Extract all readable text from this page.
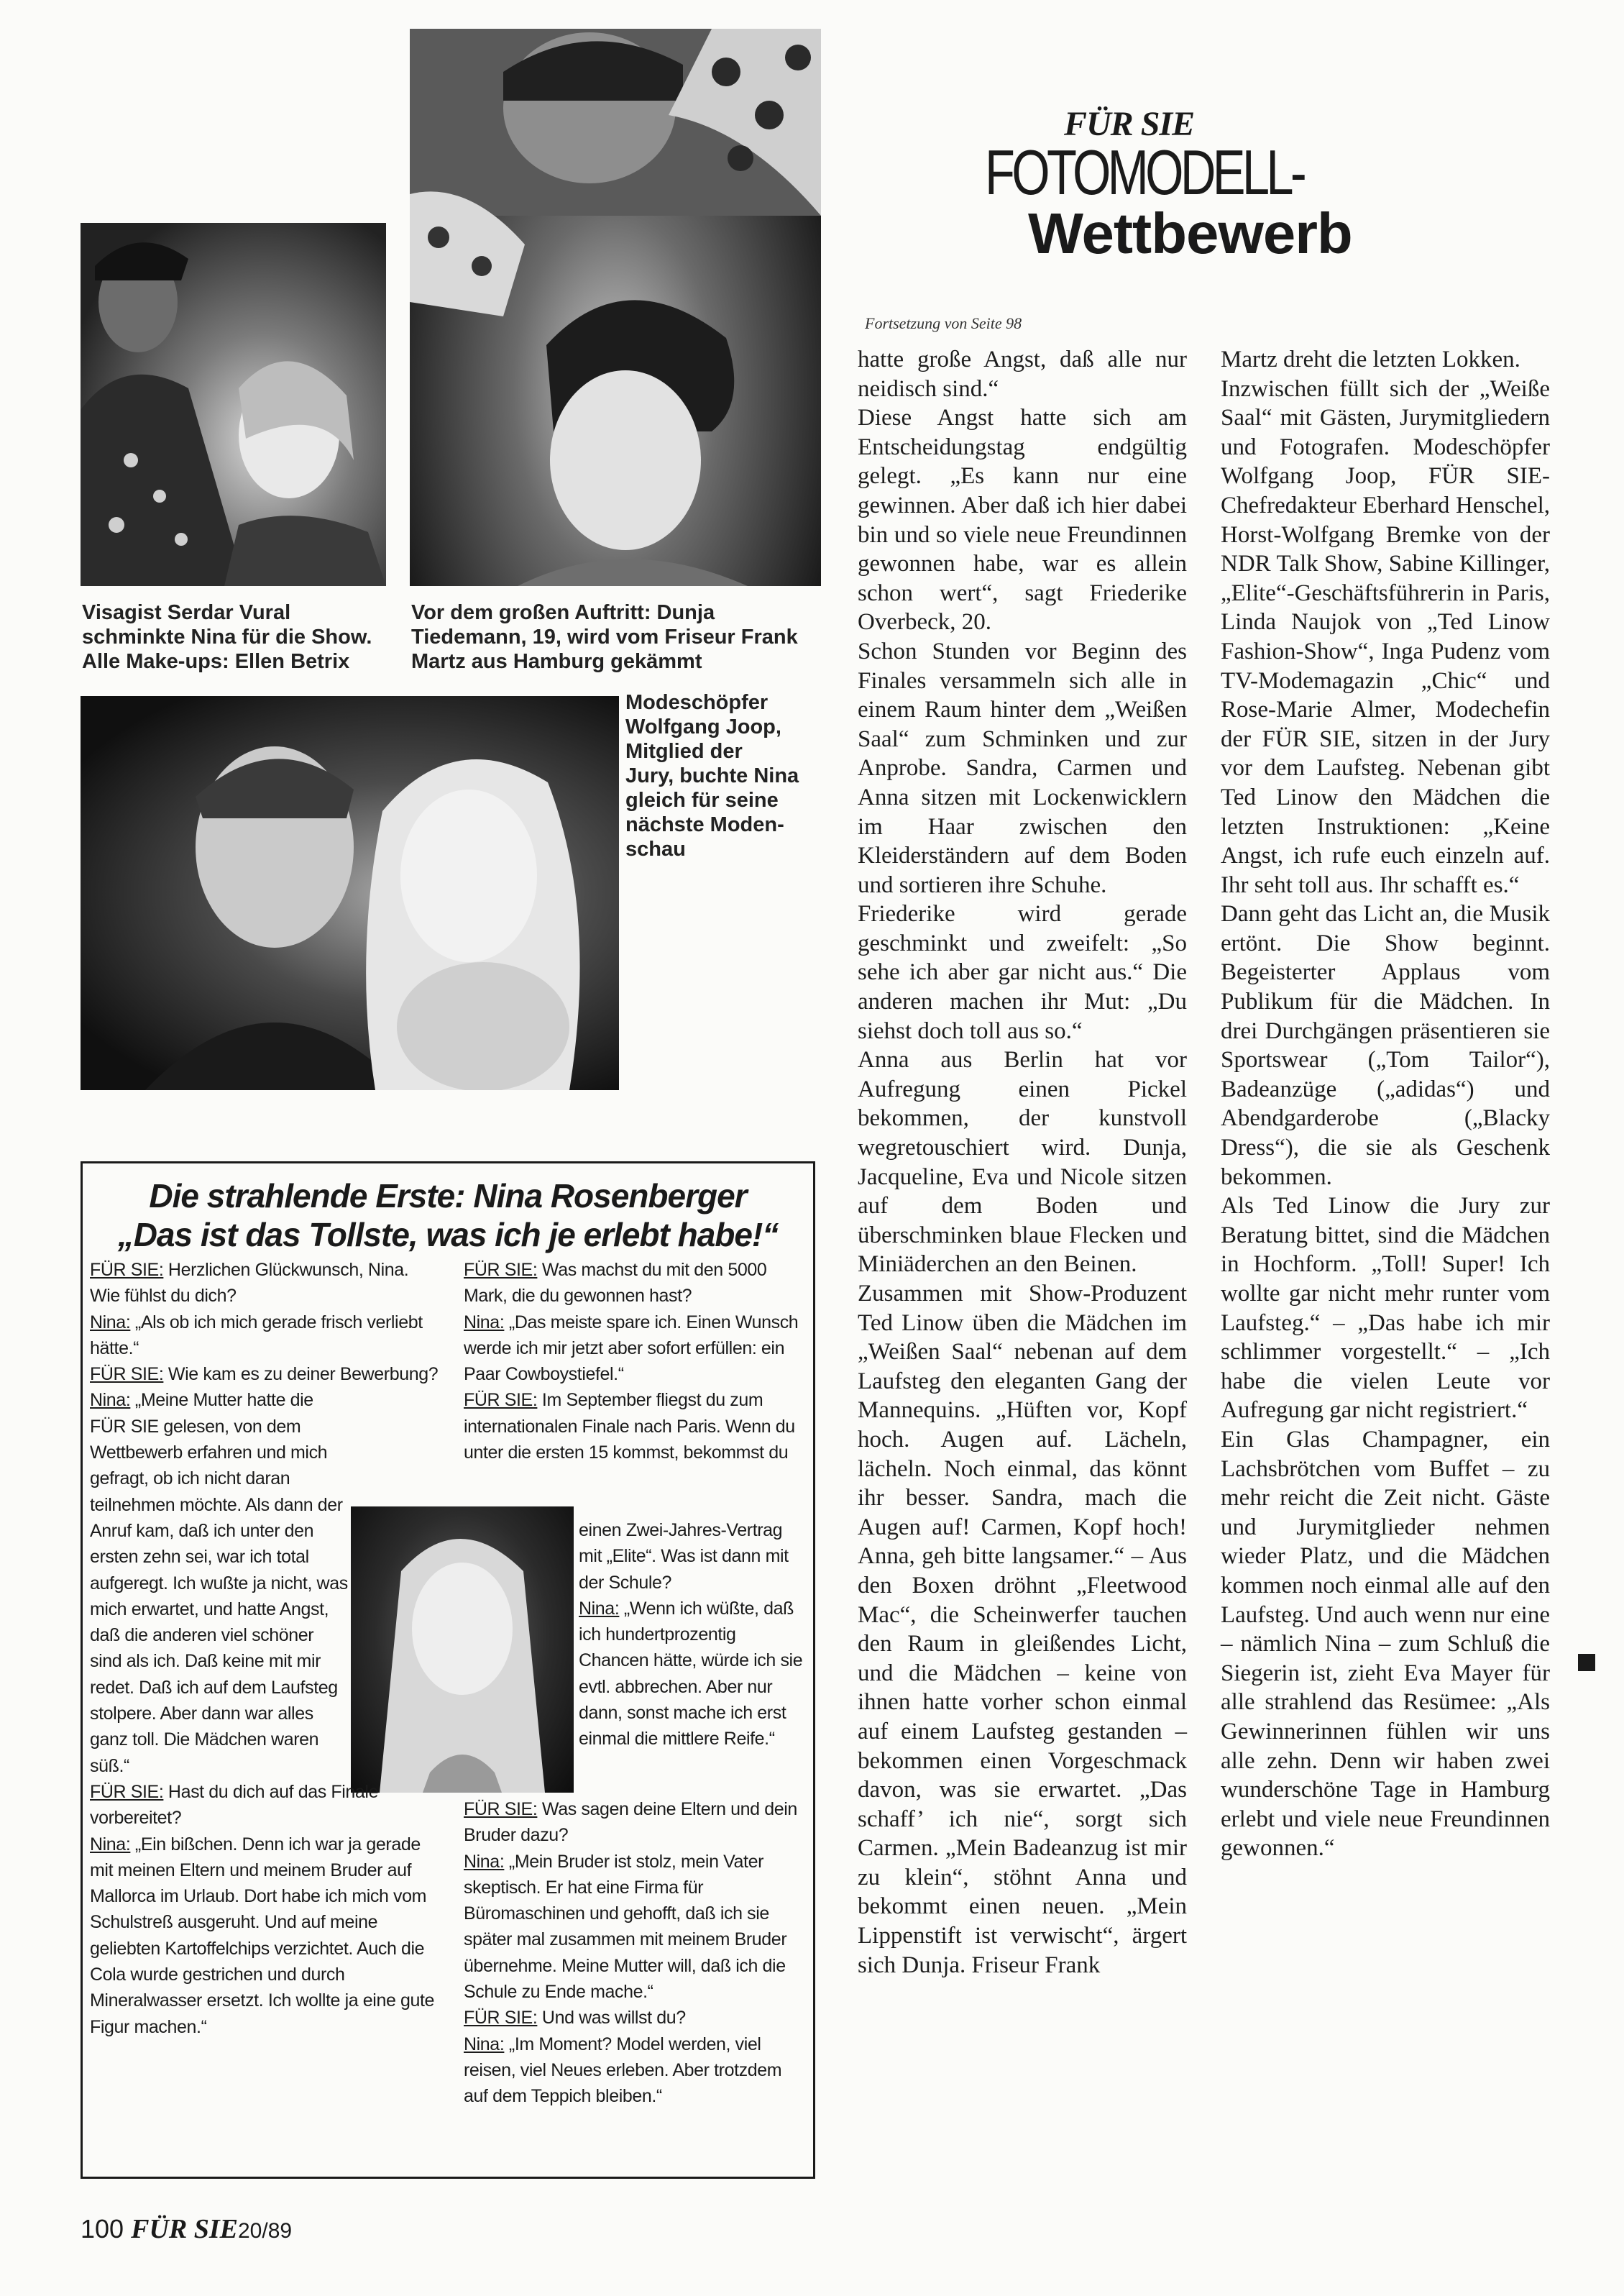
Visagist Serdar Vural
schminkte Nina für die Show.
Alle Make-ups: Ellen Betrix
Vor dem großen Auftritt: Dunja
Tiedemann, 19, wird vom Friseur Frank
Martz aus Hamburg gekämmt
Modeschöpfer
Wolfgang Joop,
Mitglied der
Jury, buchte Nina
gleich für seine
nächste Moden-
schau
FÜR SIE
FOTOMODELL-
Wettbewerb
Fortsetzung von Seite 98

hatte große Angst, daß alle nur neidisch sind.“

Diese Angst hatte sich am Entscheidungstag endgültig gelegt. „Es kann nur eine gewinnen. Aber daß ich hier dabei bin und so viele neue Freundinnen gewonnen habe, war es allein schon wert“, sagt Friederike Overbeck, 20.

Schon Stunden vor Beginn des Finales versammeln sich alle in einem Raum hinter dem „Weißen Saal“ zum Schminken und zur Anprobe. Sandra, Carmen und Anna sitzen mit Lockenwicklern im Haar zwischen den Kleiderständern auf dem Boden und sortieren ihre Schuhe.

Friederike wird gerade geschminkt und zweifelt: „So sehe ich aber gar nicht aus.“ Die anderen machen ihr Mut: „Du siehst doch toll aus so.“

Anna aus Berlin hat vor Aufregung einen Pickel bekommen, der kunstvoll wegretouschiert wird. Dunja, Jacqueline, Eva und Nicole sitzen auf dem Boden und überschminken blaue Flecken und Miniäderchen an den Beinen.

Zusammen mit Show-Produzent Ted Linow üben die Mädchen im „Weißen Saal“ nebenan auf dem Laufsteg den eleganten Gang der Mannequins. „Hüften vor, Kopf hoch. Augen auf. Lächeln, lächeln. Noch einmal, das könnt ihr besser. Sandra, mach die Augen auf! Carmen, Kopf hoch! Anna, geh bitte langsamer.“ – Aus den Boxen dröhnt „Fleetwood Mac“, die Scheinwerfer tauchen den Raum in gleißendes Licht, und die Mädchen – keine von ihnen hatte vorher schon einmal auf einem Laufsteg gestanden – bekommen einen Vorgeschmack davon, was sie erwartet. „Das schaff’ ich nie“, sorgt sich Carmen. „Mein Badeanzug ist mir zu klein“, stöhnt Anna und bekommt einen neuen. „Mein Lippenstift ist verwischt“, ärgert sich Dunja. Friseur Frank

Martz dreht die letzten Lokken.

Inzwischen füllt sich der „Weiße Saal“ mit Gästen, Jurymitgliedern und Fotografen. Modeschöpfer Wolfgang Joop, FÜR SIE-Chefredakteur Eberhard Henschel, Horst-Wolfgang Bremke von der NDR Talk Show, Sabine Killinger, „Elite“-Geschäftsführerin in Paris, Linda Naujok von „Ted Linow Fashion-Show“, Inga Pudenz vom TV-Modemagazin „Chic“ und Rose-Marie Almer, Modechefin der FÜR SIE, sitzen in der Jury vor dem Laufsteg. Nebenan gibt Ted Linow den Mädchen die letzten Instruktionen: „Keine Angst, ich rufe euch einzeln auf. Ihr seht toll aus. Ihr schafft es.“

Dann geht das Licht an, die Musik ertönt. Die Show beginnt. Begeisterter Applaus vom Publikum für die Mädchen. In drei Durchgängen präsentieren sie Sportswear („Tom Tailor“), Badeanzüge („adidas“) und Abendgarderobe („Blacky Dress“), die sie als Geschenk bekommen.

Als Ted Linow die Jury zur Beratung bittet, sind die Mädchen in Hochform. „Toll! Super! Ich wollte gar nicht mehr runter vom Laufsteg.“ – „Das habe ich mir schlimmer vorgestellt.“ – „Ich habe die vielen Leute vor Aufregung gar nicht registriert.“

Ein Glas Champagner, ein Lachsbrötchen vom Buffet – zu mehr reicht die Zeit nicht. Gäste und Jurymitglieder nehmen wieder Platz, und die Mädchen kommen noch einmal alle auf den Laufsteg. Und auch wenn nur eine – nämlich Nina – zum Schluß die Siegerin ist, zieht Eva Mayer für alle strahlend das Resümee: „Als Gewinnerinnen fühlen wir uns alle zehn. Denn wir haben zwei wunderschöne Tage in Hamburg erlebt und viele neue Freundinnen gewonnen.“

Die strahlende Erste: Nina Rosenberger
„Das ist das Tollste, was ich je erlebt habe!“

FÜR SIE: Herzlichen Glückwunsch, Nina. Wie fühlst du dich?

Nina: „Als ob ich mich gerade frisch verliebt hätte.“

FÜR SIE: Wie kam es zu deiner Bewerbung?

Nina: „Meine Mutter hatte die FÜR SIE gelesen, von dem Wettbewerb erfahren und mich gefragt, ob ich nicht daran teilnehmen möchte. Als dann der Anruf kam, daß ich unter den ersten zehn sei, war ich total aufgeregt. Ich wußte ja nicht, was mich erwartet, und hatte Angst, daß die anderen viel schöner sind als ich. Daß keine mit mir redet. Daß ich auf dem Laufsteg stolpere. Aber dann war alles ganz toll. Die Mädchen waren süß.“

FÜR SIE: Hast du dich auf das Finale vorbereitet?

Nina: „Ein bißchen. Denn ich war ja gerade mit meinen Eltern und meinem Bruder auf Mallorca im Urlaub. Dort habe ich mich vom Schulstreß ausgeruht. Und auf meine geliebten Kartoffelchips verzichtet. Auch die Cola wurde gestrichen und durch Mineralwasser ersetzt. Ich wollte ja eine gute Figur machen.“

FÜR SIE: Was machst du mit den 5000 Mark, die du gewonnen hast?

Nina: „Das meiste spare ich. Einen Wunsch werde ich mir jetzt aber sofort erfüllen: ein Paar Cowboystiefel.“

FÜR SIE: Im September fliegst du zum internationalen Finale nach Paris. Wenn du unter die ersten 15 kommst, bekommst du

einen Zwei-Jahres-Vertrag mit „Elite“. Was ist dann mit der Schule?

Nina: „Wenn ich wüßte, daß ich hundertprozentig Chancen hätte, würde ich sie evtl. abbrechen. Aber nur dann, sonst mache ich erst einmal die mittlere Reife.“

FÜR SIE: Was sagen deine Eltern und dein Bruder dazu?

Nina: „Mein Bruder ist stolz, mein Vater skeptisch. Er hat eine Firma für Büromaschinen und gehofft, daß ich sie später mal zusammen mit meinem Bruder übernehme. Meine Mutter will, daß ich die Schule zu Ende mache.“

FÜR SIE: Und was willst du?

Nina: „Im Moment? Model werden, viel reisen, viel Neues erleben. Aber trotzdem auf dem Teppich bleiben.“

100 FÜR SIE20/89
